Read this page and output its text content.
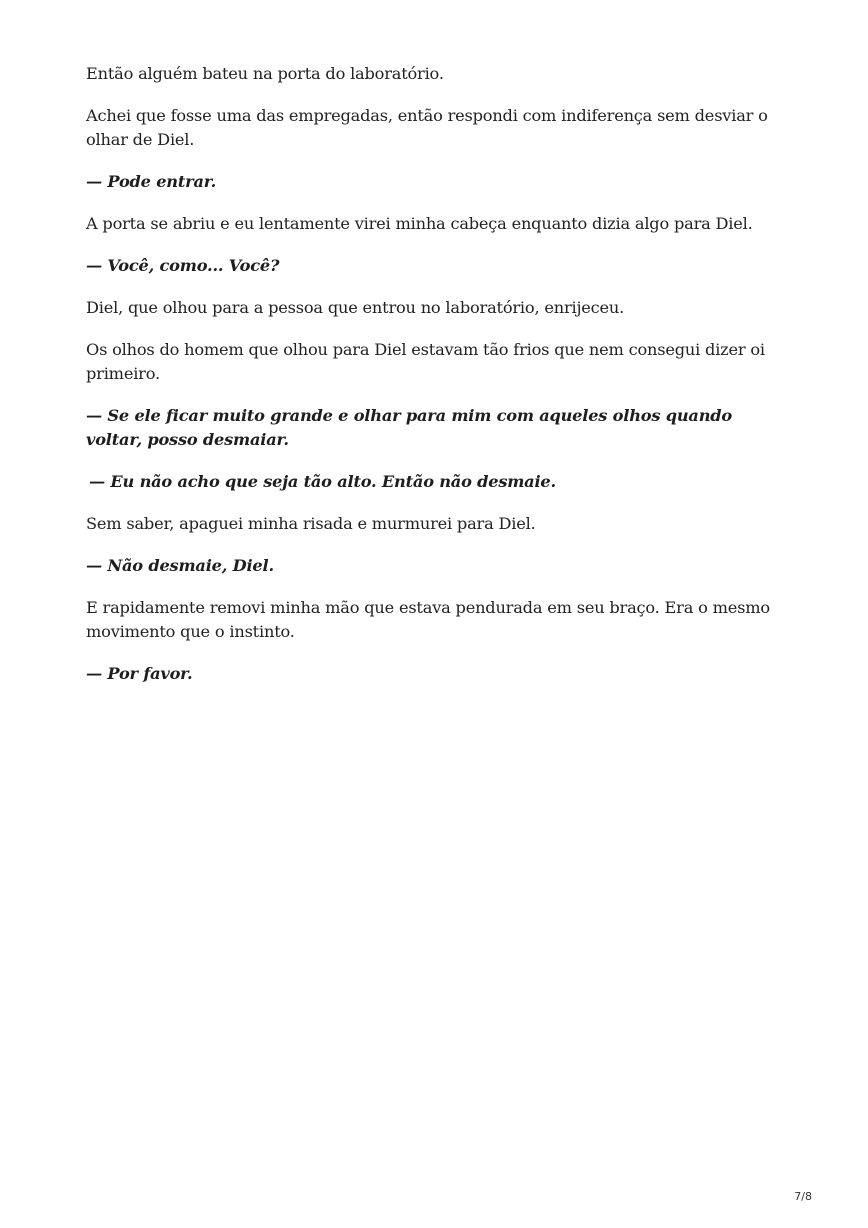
Então alguém bateu na porta do laboratório.

Achei que fosse uma das empregadas, então respondi com indiferença sem desviar o olhar de Diel.

— Pode entrar.

A porta se abriu e eu lentamente virei minha cabeça enquanto dizia algo para Diel.

— Você, como... Você?

Diel, que olhou para a pessoa que entrou no laboratório, enrijeceu.

Os olhos do homem que olhou para Diel estavam tão frios que nem consegui dizer oi primeiro.

— Se ele ficar muito grande e olhar para mim com aqueles olhos quando voltar, posso desmaiar.

— Eu não acho que seja tão alto. Então não desmaie.

Sem saber, apaguei minha risada e murmurei para Diel.

— Não desmaie, Diel.

E rapidamente removi minha mão que estava pendurada em seu braço. Era o mesmo movimento que o instinto.

— Por favor.

7/8
